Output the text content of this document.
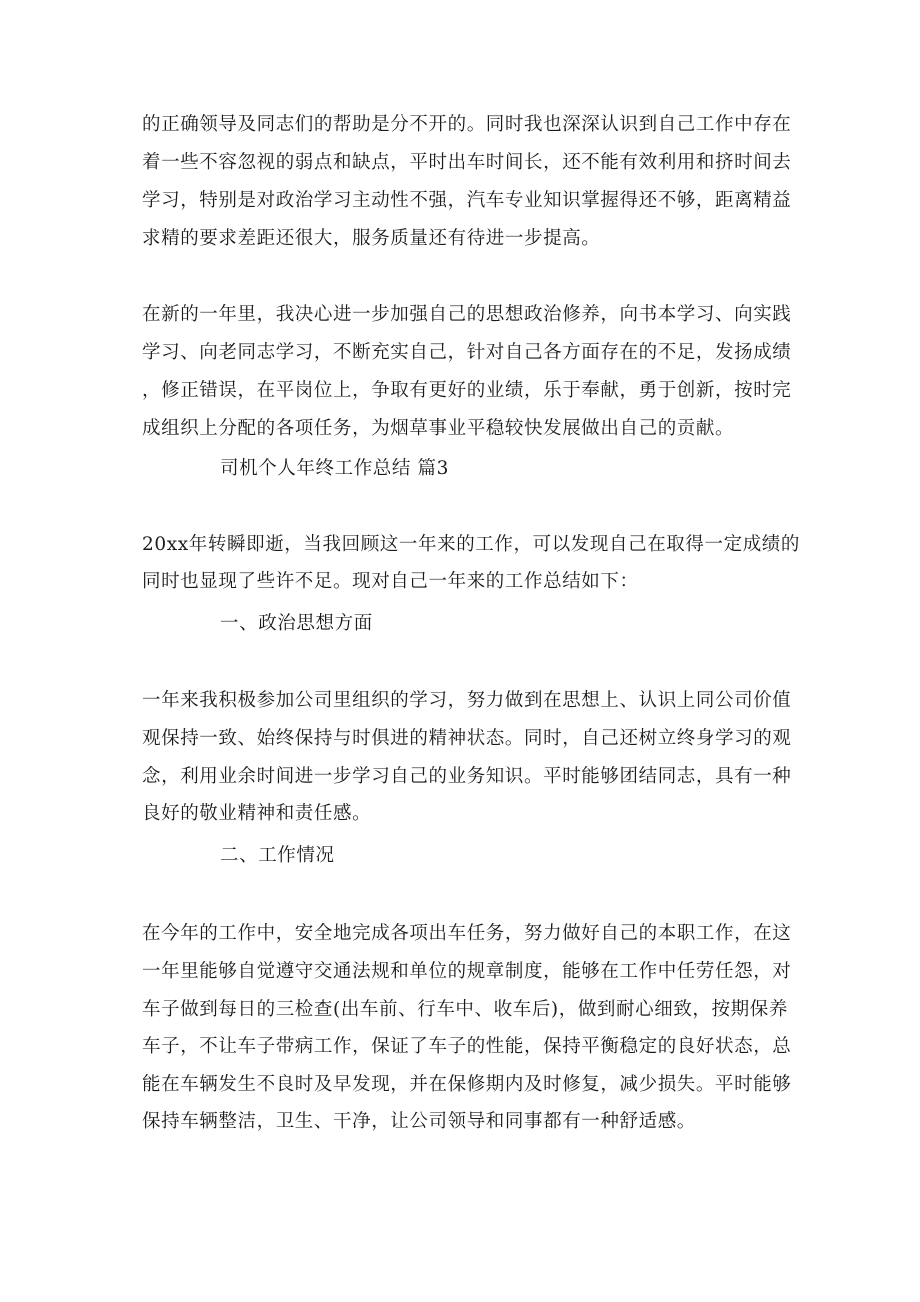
的正确领导及同志们的帮助是分不开的。同时我也深深认识到自己工作中存在
着一些不容忽视的弱点和缺点，平时出车时间长，还不能有效利用和挤时间去
学习，特别是对政治学习主动性不强，汽车专业知识掌握得还不够，距离精益
求精的要求差距还很大，服务质量还有待进一步提高。
在新的一年里，我决心进一步加强自己的思想政治修养，向书本学习、向实践
学习、向老同志学习，不断充实自己，针对自己各方面存在的不足，发扬成绩
，修正错误，在平岗位上，争取有更好的业绩，乐于奉献，勇于创新，按时完
成组织上分配的各项任务，为烟草事业平稳较快发展做出自己的贡献。
司机个人年终工作总结 篇3
20xx年转瞬即逝，当我回顾这一年来的工作，可以发现自己在取得一定成绩的
同时也显现了些许不足。现对自己一年来的工作总结如下：
一、政治思想方面
一年来我积极参加公司里组织的学习，努力做到在思想上、认识上同公司价值
观保持一致、始终保持与时俱进的精神状态。同时，自己还树立终身学习的观
念，利用业余时间进一步学习自己的业务知识。平时能够团结同志，具有一种
良好的敬业精神和责任感。
二、工作情况
在今年的工作中，安全地完成各项出车任务，努力做好自己的本职工作，在这
一年里能够自觉遵守交通法规和单位的规章制度，能够在工作中任劳任怨，对
车子做到每日的三检查(出车前、行车中、收车后)，做到耐心细致，按期保养
车子，不让车子带病工作，保证了车子的性能，保持平衡稳定的良好状态，总
能在车辆发生不良时及早发现，并在保修期内及时修复，减少损失。平时能够
保持车辆整洁，卫生、干净，让公司领导和同事都有一种舒适感。
